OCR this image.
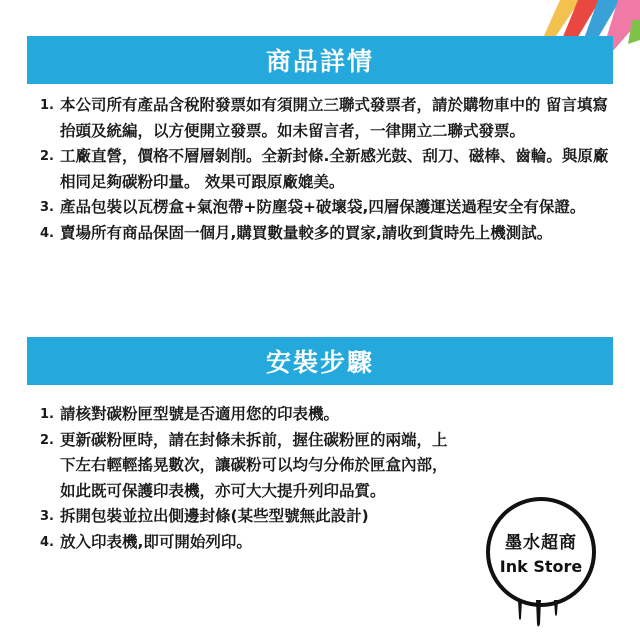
商品詳情
1. 本公司所有產品含稅附發票如有須開立三聯式發票者，請於購物車中的 留言填寫抬頭及統編，以方便開立發票。如未留言者，一律開立二聯式發票。
2. 工廠直營，價格不層層剝削。全新封條.全新感光鼓、刮刀、磁棒、齒輪。與原廠相同足夠碳粉印量。 效果可跟原廠媲美。
3. 產品包裝以瓦楞盒+氣泡帶+防塵袋+破壞袋,四層保護運送過程安全有保證。
4. 賣場所有商品保固一個月,購買數量較多的買家,請收到貨時先上機測試。
安裝步驟
1. 請核對碳粉匣型號是否適用您的印表機。
2. 更新碳粉匣時，請在封條未拆前，握住碳粉匣的兩端，上下左右輕輕搖晃數次，讓碳粉可以均勻分佈於匣盒內部，如此既可保護印表機，亦可大大提升列印品質。
3. 拆開包裝並拉出側邊封條(某些型號無此設計)
4. 放入印表機,即可開始列印。	墨水超商
Ink Store
